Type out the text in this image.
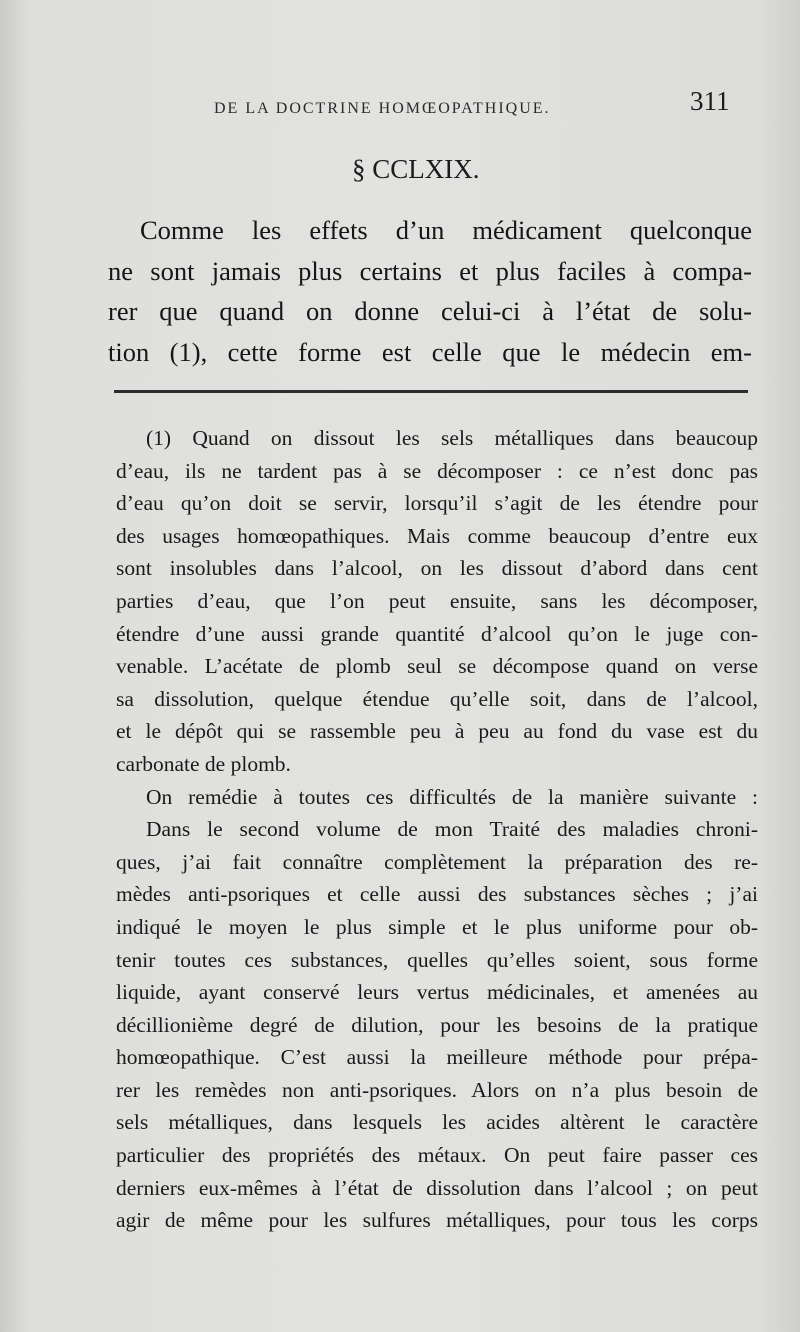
DE LA DOCTRINE HOMŒOPATHIQUE.	311
§ CCLXIX.
Comme les effets d’un médicament quelconque
ne sont jamais plus certains et plus faciles à compa-
rer que quand on donne celui-ci à l’état de solu-
tion (1), cette forme est celle que le médecin em-
(1) Quand on dissout les sels métalliques dans beaucoup
d’eau, ils ne tardent pas à se décomposer : ce n’est donc pas
d’eau qu’on doit se servir, lorsqu’il s’agit de les étendre pour
des usages homœopathiques. Mais comme beaucoup d’entre eux
sont insolubles dans l’alcool, on les dissout d’abord dans cent
parties d’eau, que l’on peut ensuite, sans les décomposer,
étendre d’une aussi grande quantité d’alcool qu’on le juge con-
venable. L’acétate de plomb seul se décompose quand on verse
sa dissolution, quelque étendue qu’elle soit, dans de l’alcool,
et le dépôt qui se rassemble peu à peu au fond du vase est du
carbonate de plomb.
On remédie à toutes ces difficultés de la manière suivante :
Dans le second volume de mon Traité des maladies chroni-
ques, j’ai fait connaître complètement la préparation des re-
mèdes anti-psoriques et celle aussi des substances sèches ; j’ai
indiqué le moyen le plus simple et le plus uniforme pour ob-
tenir toutes ces substances, quelles qu’elles soient, sous forme
liquide, ayant conservé leurs vertus médicinales, et amenées au
décillionième degré de dilution, pour les besoins de la pratique
homœopathique. C’est aussi la meilleure méthode pour prépa-
rer les remèdes non anti-psoriques. Alors on n’a plus besoin de
sels métalliques, dans lesquels les acides altèrent le caractère
particulier des propriétés des métaux. On peut faire passer ces
derniers eux-mêmes à l’état de dissolution dans l’alcool ; on peut
agir de même pour les sulfures métalliques, pour tous les corps
